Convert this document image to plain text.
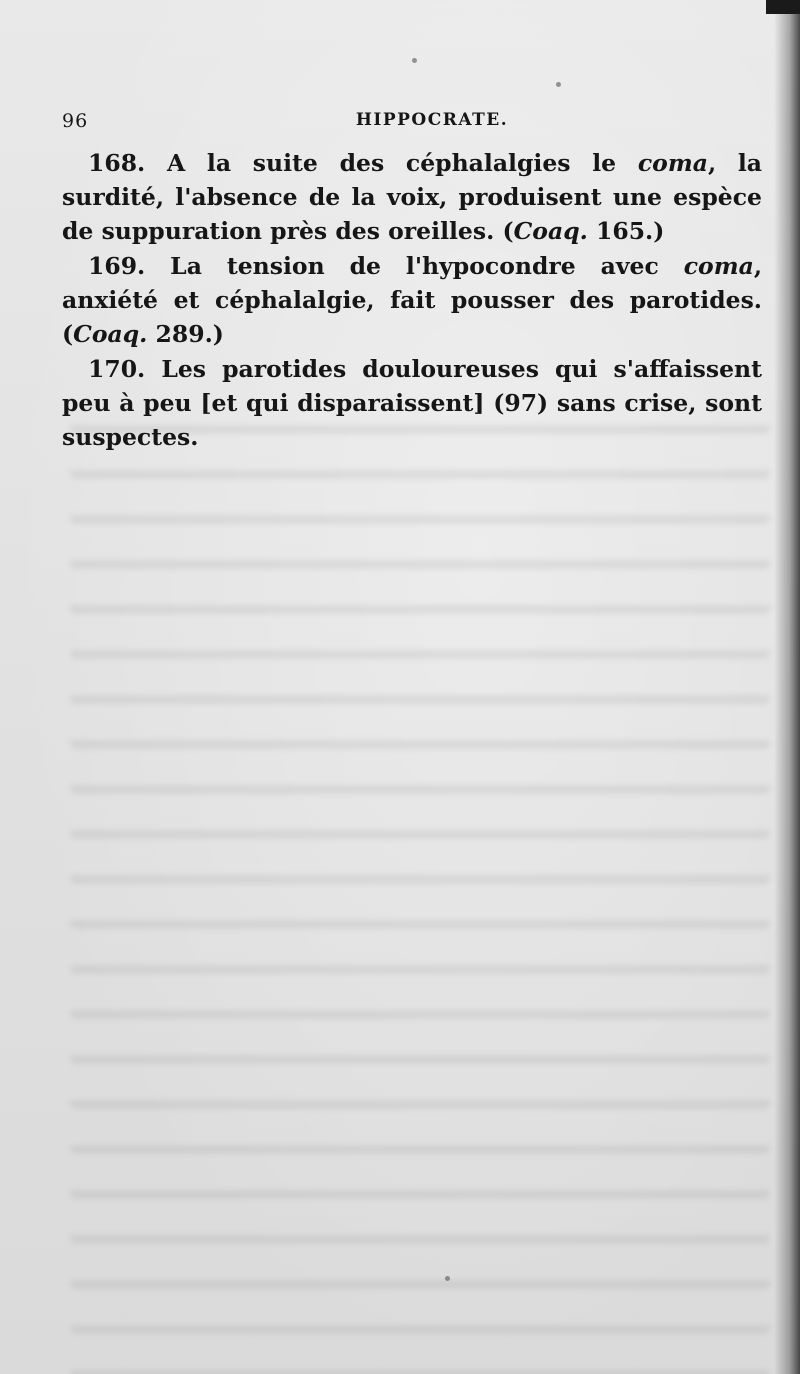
96	HIPPOCRATE.

168. A la suite des céphalalgies le coma, la surdité, l'absence de la voix, produisent une espèce de suppuration près des oreilles. (Coaq. 165.)

169. La tension de l'hypocondre avec coma, anxiété et céphalalgie, fait pousser des parotides. (Coaq. 289.)

170. Les parotides douloureuses qui s'affaissent peu à peu [et qui disparaissent] (97) sans crise, sont suspectes.
